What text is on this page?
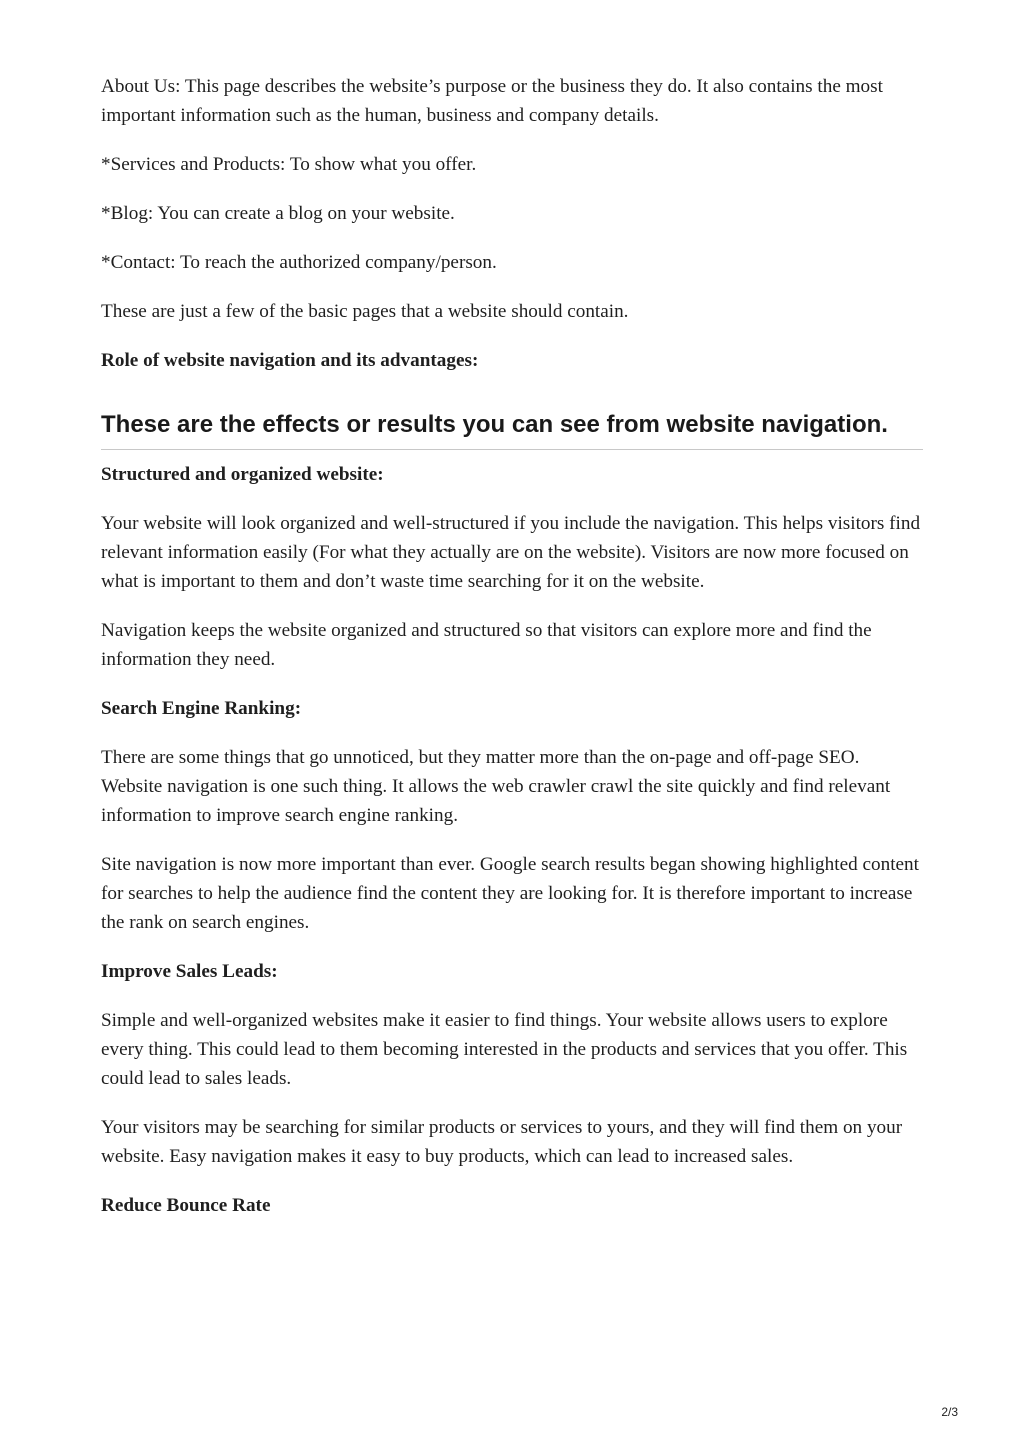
About Us: This page describes the website’s purpose or the business they do. It also contains the most important information such as the human, business and company details.

*Services and Products: To show what you offer.

*Blog: You can create a blog on your website.

*Contact: To reach the authorized company/person.

These are just a few of the basic pages that a website should contain.

Role of website navigation and its advantages:

These are the effects or results you can see from website navigation.

Structured and organized website:

Your website will look organized and well-structured if you include the navigation. This helps visitors find relevant information easily (For what they actually are on the website). Visitors are now more focused on what is important to them and don’t waste time searching for it on the website.

Navigation keeps the website organized and structured so that visitors can explore more and find the information they need.

Search Engine Ranking:

There are some things that go unnoticed, but they matter more than the on-page and off-page SEO. Website navigation is one such thing. It allows the web crawler crawl the site quickly and find relevant information to improve search engine ranking.

Site navigation is now more important than ever. Google search results began showing highlighted content for searches to help the audience find the content they are looking for. It is therefore important to increase the rank on search engines.

Improve Sales Leads:

Simple and well-organized websites make it easier to find things. Your website allows users to explore every thing. This could lead to them becoming interested in the products and services that you offer. This could lead to sales leads.

Your visitors may be searching for similar products or services to yours, and they will find them on your website. Easy navigation makes it easy to buy products, which can lead to increased sales.

Reduce Bounce Rate

2/3
